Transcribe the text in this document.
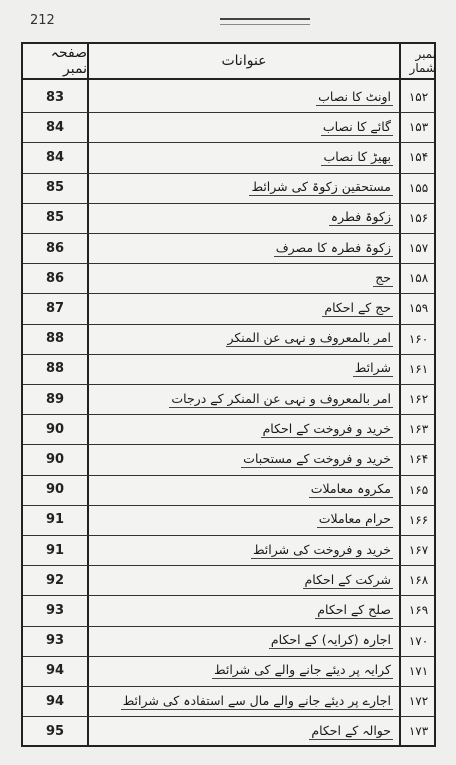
212
صفحہ نمبر	عنوانات	نمبر شمار
83	اونٹ کا نصاب	۱۵۲
84	گائے کا نصاب	۱۵۳
84	بھیڑ کا نصاب	۱۵۴
85	مستحقین زکوۃ کی شرائط	۱۵۵
85	زکوۃ فطرہ	۱۵۶
86	زکوۃ فطرہ کا مصرف	۱۵۷
86	حج	۱۵۸
87	حج کے احکام	۱۵۹
88	امر بالمعروف و نہی عن المنکر	۱۶۰
88	شرائط	۱۶۱
89	امر بالمعروف و نہی عن المنکر کے درجات	۱۶۲
90	خرید و فروخت کے احکام	۱۶۳
90	خرید و فروخت کے مستحبات	۱۶۴
90	مکروہ معاملات	۱۶۵
91	حرام معاملات	۱۶۶
91	خرید و فروخت کی شرائط	۱۶۷
92	شرکت کے احکام	۱۶۸
93	صلح کے احکام	۱۶۹
93	اجارہ (کرایہ) کے احکام	۱۷۰
94	کرایہ پر دیئے جانے والے کی شرائط	۱۷۱
94	اجارے پر دیئے جانے والے مال سے استفادہ کی شرائط	۱۷۲
95	حوالہ کے احکام	۱۷۳
